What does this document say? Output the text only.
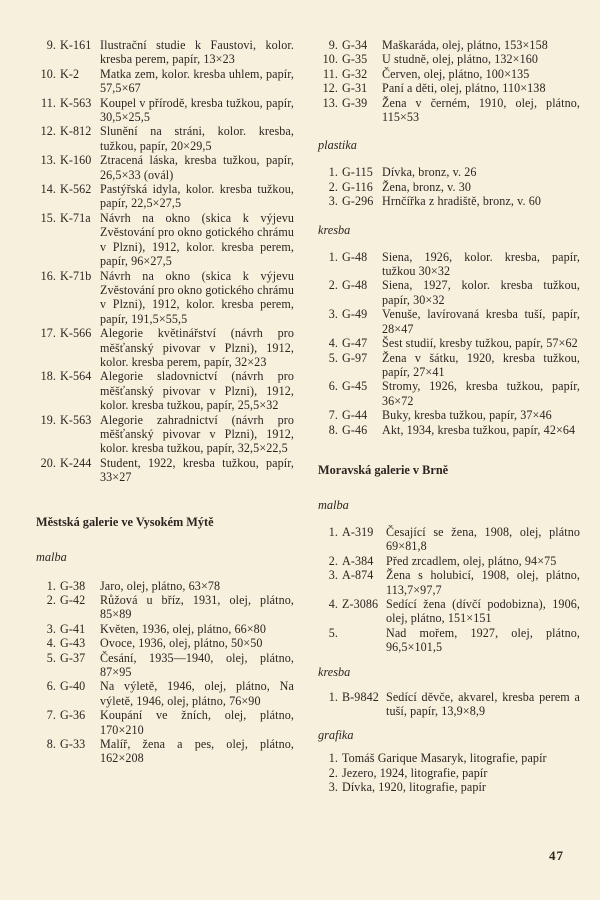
9. K-161 Ilustrační studie k Faustovi, kolor. kresba perem, papír, 13×23
10. K-2	Matka zem, kolor. kresba uhlem, papír, 57,5×67
11. K-563 Koupel v přírodě, kresba tužkou, papír, 30,5×25,5
12. K-812 Slunění na stráni, kolor. kresba, tužkou, papír, 20×29,5
13. K-160 Ztracená láska, kresba tužkou, papír, 26,5×33 (ovál)
14. K-562 Pastýřská idyla, kolor. kresba tužkou, papír, 22,5×27,5
15. K-71a Návrh na okno (skica k výjevu Zvěstování pro okno gotického chrámu v Plzni), 1912, kolor. kresba perem, papír, 96×27,5
16. K-71b Návrh na okno (skica k výjevu Zvěstování pro okno gotického chrámu v Plzni), 1912, kolor. kresba perem, papír, 191,5×55,5
17. K-566 Alegorie květinářství (návrh pro měšťanský pivovar v Plzni), 1912, kolor. kresba perem, papír, 32×23
18. K-564 Alegorie sladovnictví (návrh pro měšťanský pivovar v Plzni), 1912, kolor. kresba tužkou, papír, 25,5×32
19. K-563 Alegorie zahradnictví (návrh pro měšťanský pivovar v Plzni), 1912, kolor. kresba tužkou, papír, 32,5×22,5
20. K-244 Student, 1922, kresba tužkou, papír, 33×27
Městská galerie ve Vysokém Mýtě
malba
1. G-38	Jaro, olej, plátno, 63×78
2. G-42	Růžová u bříz, 1931, olej, plátno, 85×89
3. G-41	Květen, 1936, olej, plátno, 66×80
4. G-43	Ovoce, 1936, olej, plátno, 50×50
5. G-37	Česání, 1935—1940, olej, plátno, 87×95
6. G-40	Na výletě, 1946, olej, plátno, Na výletě, 1946, olej, plátno, 76×90
7. G-36	Koupání ve žních, olej, plátno, 170×210
8. G-33	Malíř, žena a pes, olej, plátno, 162×208
9. G-34	Maškaráda, olej, plátno, 153×158
10. G-35	U studně, olej, plátno, 132×160
11. G-32	Červen, olej, plátno, 100×135
12. G-31	Paní a děti, olej, plátno, 110×138
13. G-39	Žena v černém, 1910, olej, plátno, 115×53
plastika
1. G-115 Dívka, bronz, v. 26
2. G-116 Žena, bronz, v. 30
3. G-296 Hrnčířka z hradiště, bronz, v. 60
kresba
1. G-48	Siena, 1926, kolor. kresba, papír, tužkou 30×32
2. G-48	Siena, 1927, kolor. kresba tužkou, papír, 30×32
3. G-49	Venuše, lavírovaná kresba tuší, papír, 28×47
4. G-47	Šest studií, kresby tužkou, papír, 57×62
5. G-97	Žena v šátku, 1920, kresba tužkou, papír, 27×41
6. G-45	Stromy, 1926, kresba tužkou, papír, 36×72
7. G-44	Buky, kresba tužkou, papír, 37×46
8. G-46	Akt, 1934, kresba tužkou, papír, 42×64
Moravská galerie v Brně
malba
1. A-319	Česající se žena, 1908, olej, plátno 69×81,8
2. A-384	Před zrcadlem, olej, plátno, 94×75
3. A-874	Žena s holubicí, 1908, olej, plátno, 113,7×97,7
4. Z-3086 Sedící žena (dívčí podobizna), 1906, olej, plátno, 151×151
5.	Nad mořem, 1927, olej, plátno, 96,5×101,5
kresba
1. B-9842 Sedící děvče, akvarel, kresba perem a tuší, papír, 13,9×8,9
grafika
1. Tomáš Garique Masaryk, litografie, papír
2. Jezero, 1924, litografie, papír
3. Dívka, 1920, litografie, papír
47
